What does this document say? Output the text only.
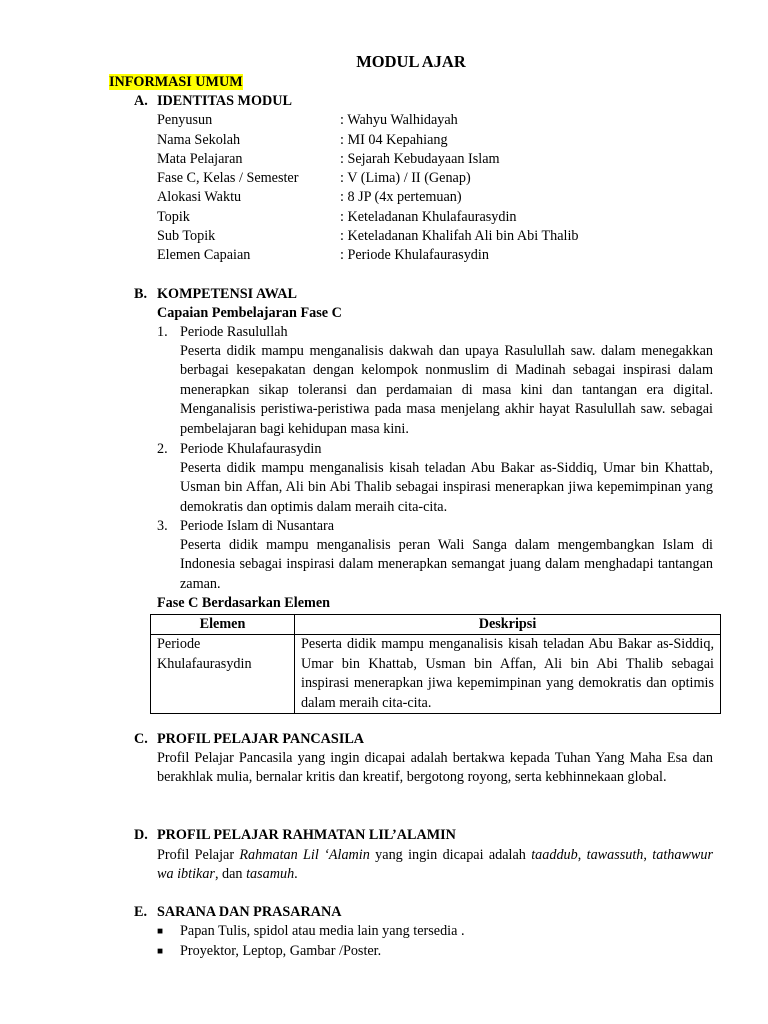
MODUL AJAR
INFORMASI UMUM
A. IDENTITAS MODUL
Penyusun	: Wahyu Walhidayah
Nama Sekolah	: MI 04 Kepahiang
Mata Pelajaran	: Sejarah Kebudayaan Islam
Fase C, Kelas / Semester	: V (Lima) / II (Genap)
Alokasi Waktu	: 8 JP (4x pertemuan)
Topik	: Keteladanan Khulafaurasydin
Sub Topik	: Keteladanan Khalifah Ali bin Abi Thalib
Elemen Capaian	: Periode Khulafaurasydin
B. KOMPETENSI AWAL
Capaian Pembelajaran Fase C
1. Periode Rasulullah
Peserta didik mampu menganalisis dakwah dan upaya Rasulullah saw. dalam menegakkan berbagai kesepakatan dengan kelompok nonmuslim di Madinah sebagai inspirasi dalam menerapkan sikap toleransi dan perdamaian di masa kini dan tantangan era digital. Menganalisis peristiwa-peristiwa pada masa menjelang akhir hayat Rasulullah saw. sebagai pembelajaran bagi kehidupan masa kini.
2. Periode Khulafaurasydin
Peserta didik mampu menganalisis kisah teladan Abu Bakar as-Siddiq, Umar bin Khattab, Usman bin Affan, Ali bin Abi Thalib sebagai inspirasi menerapkan jiwa kepemimpinan yang demokratis dan optimis dalam meraih cita-cita.
3. Periode Islam di Nusantara
Peserta didik mampu menganalisis peran Wali Sanga dalam mengembangkan Islam di Indonesia sebagai inspirasi dalam menerapkan semangat juang dalam menghadapi tantangan zaman.
Fase C Berdasarkan Elemen
Elemen	Deskripsi

Periode
Khulafaurasydin	Peserta didik mampu menganalisis kisah teladan Abu Bakar as-Siddiq, Umar bin Khattab, Usman bin Affan, Ali bin Abi Thalib sebagai inspirasi menerapkan jiwa kepemimpinan yang demokratis dan optimis dalam meraih cita-cita.
C. PROFIL PELAJAR PANCASILA
Profil Pelajar Pancasila yang ingin dicapai adalah bertakwa kepada Tuhan Yang Maha Esa dan berakhlak mulia, bernalar kritis dan kreatif, bergotong royong, serta kebhinnekaan global.
D. PROFIL PELAJAR RAHMATAN LIL’ALAMIN
Profil Pelajar Rahmatan Lil ‘Alamin yang ingin dicapai adalah taaddub, tawassuth, tathawwur wa ibtikar, dan tasamuh.
E. SARANA DAN PRASARANA
■ Papan Tulis, spidol atau media lain yang tersedia .
■ Proyektor, Leptop, Gambar /Poster.
